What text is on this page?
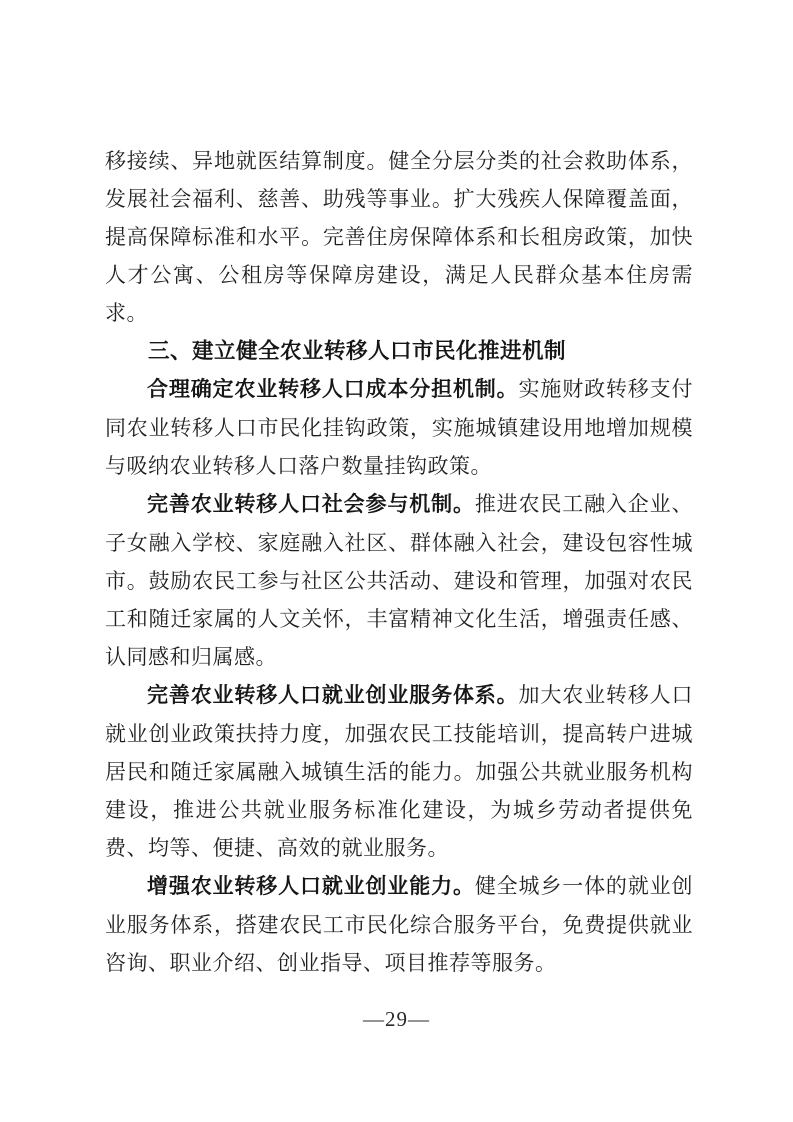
移接续、异地就医结算制度。健全分层分类的社会救助体系，发展社会福利、慈善、助残等事业。扩大残疾人保障覆盖面，提高保障标准和水平。完善住房保障体系和长租房政策，加快人才公寓、公租房等保障房建设，满足人民群众基本住房需求。

三、建立健全农业转移人口市民化推进机制

合理确定农业转移人口成本分担机制。实施财政转移支付同农业转移人口市民化挂钩政策，实施城镇建设用地增加规模与吸纳农业转移人口落户数量挂钩政策。

完善农业转移人口社会参与机制。推进农民工融入企业、子女融入学校、家庭融入社区、群体融入社会，建设包容性城市。鼓励农民工参与社区公共活动、建设和管理，加强对农民工和随迁家属的人文关怀，丰富精神文化生活，增强责任感、认同感和归属感。

完善农业转移人口就业创业服务体系。加大农业转移人口就业创业政策扶持力度，加强农民工技能培训，提高转户进城居民和随迁家属融入城镇生活的能力。加强公共就业服务机构建设，推进公共就业服务标准化建设，为城乡劳动者提供免费、均等、便捷、高效的就业服务。

增强农业转移人口就业创业能力。健全城乡一体的就业创业服务体系，搭建农民工市民化综合服务平台，免费提供就业咨询、职业介绍、创业指导、项目推荐等服务。

—29—
